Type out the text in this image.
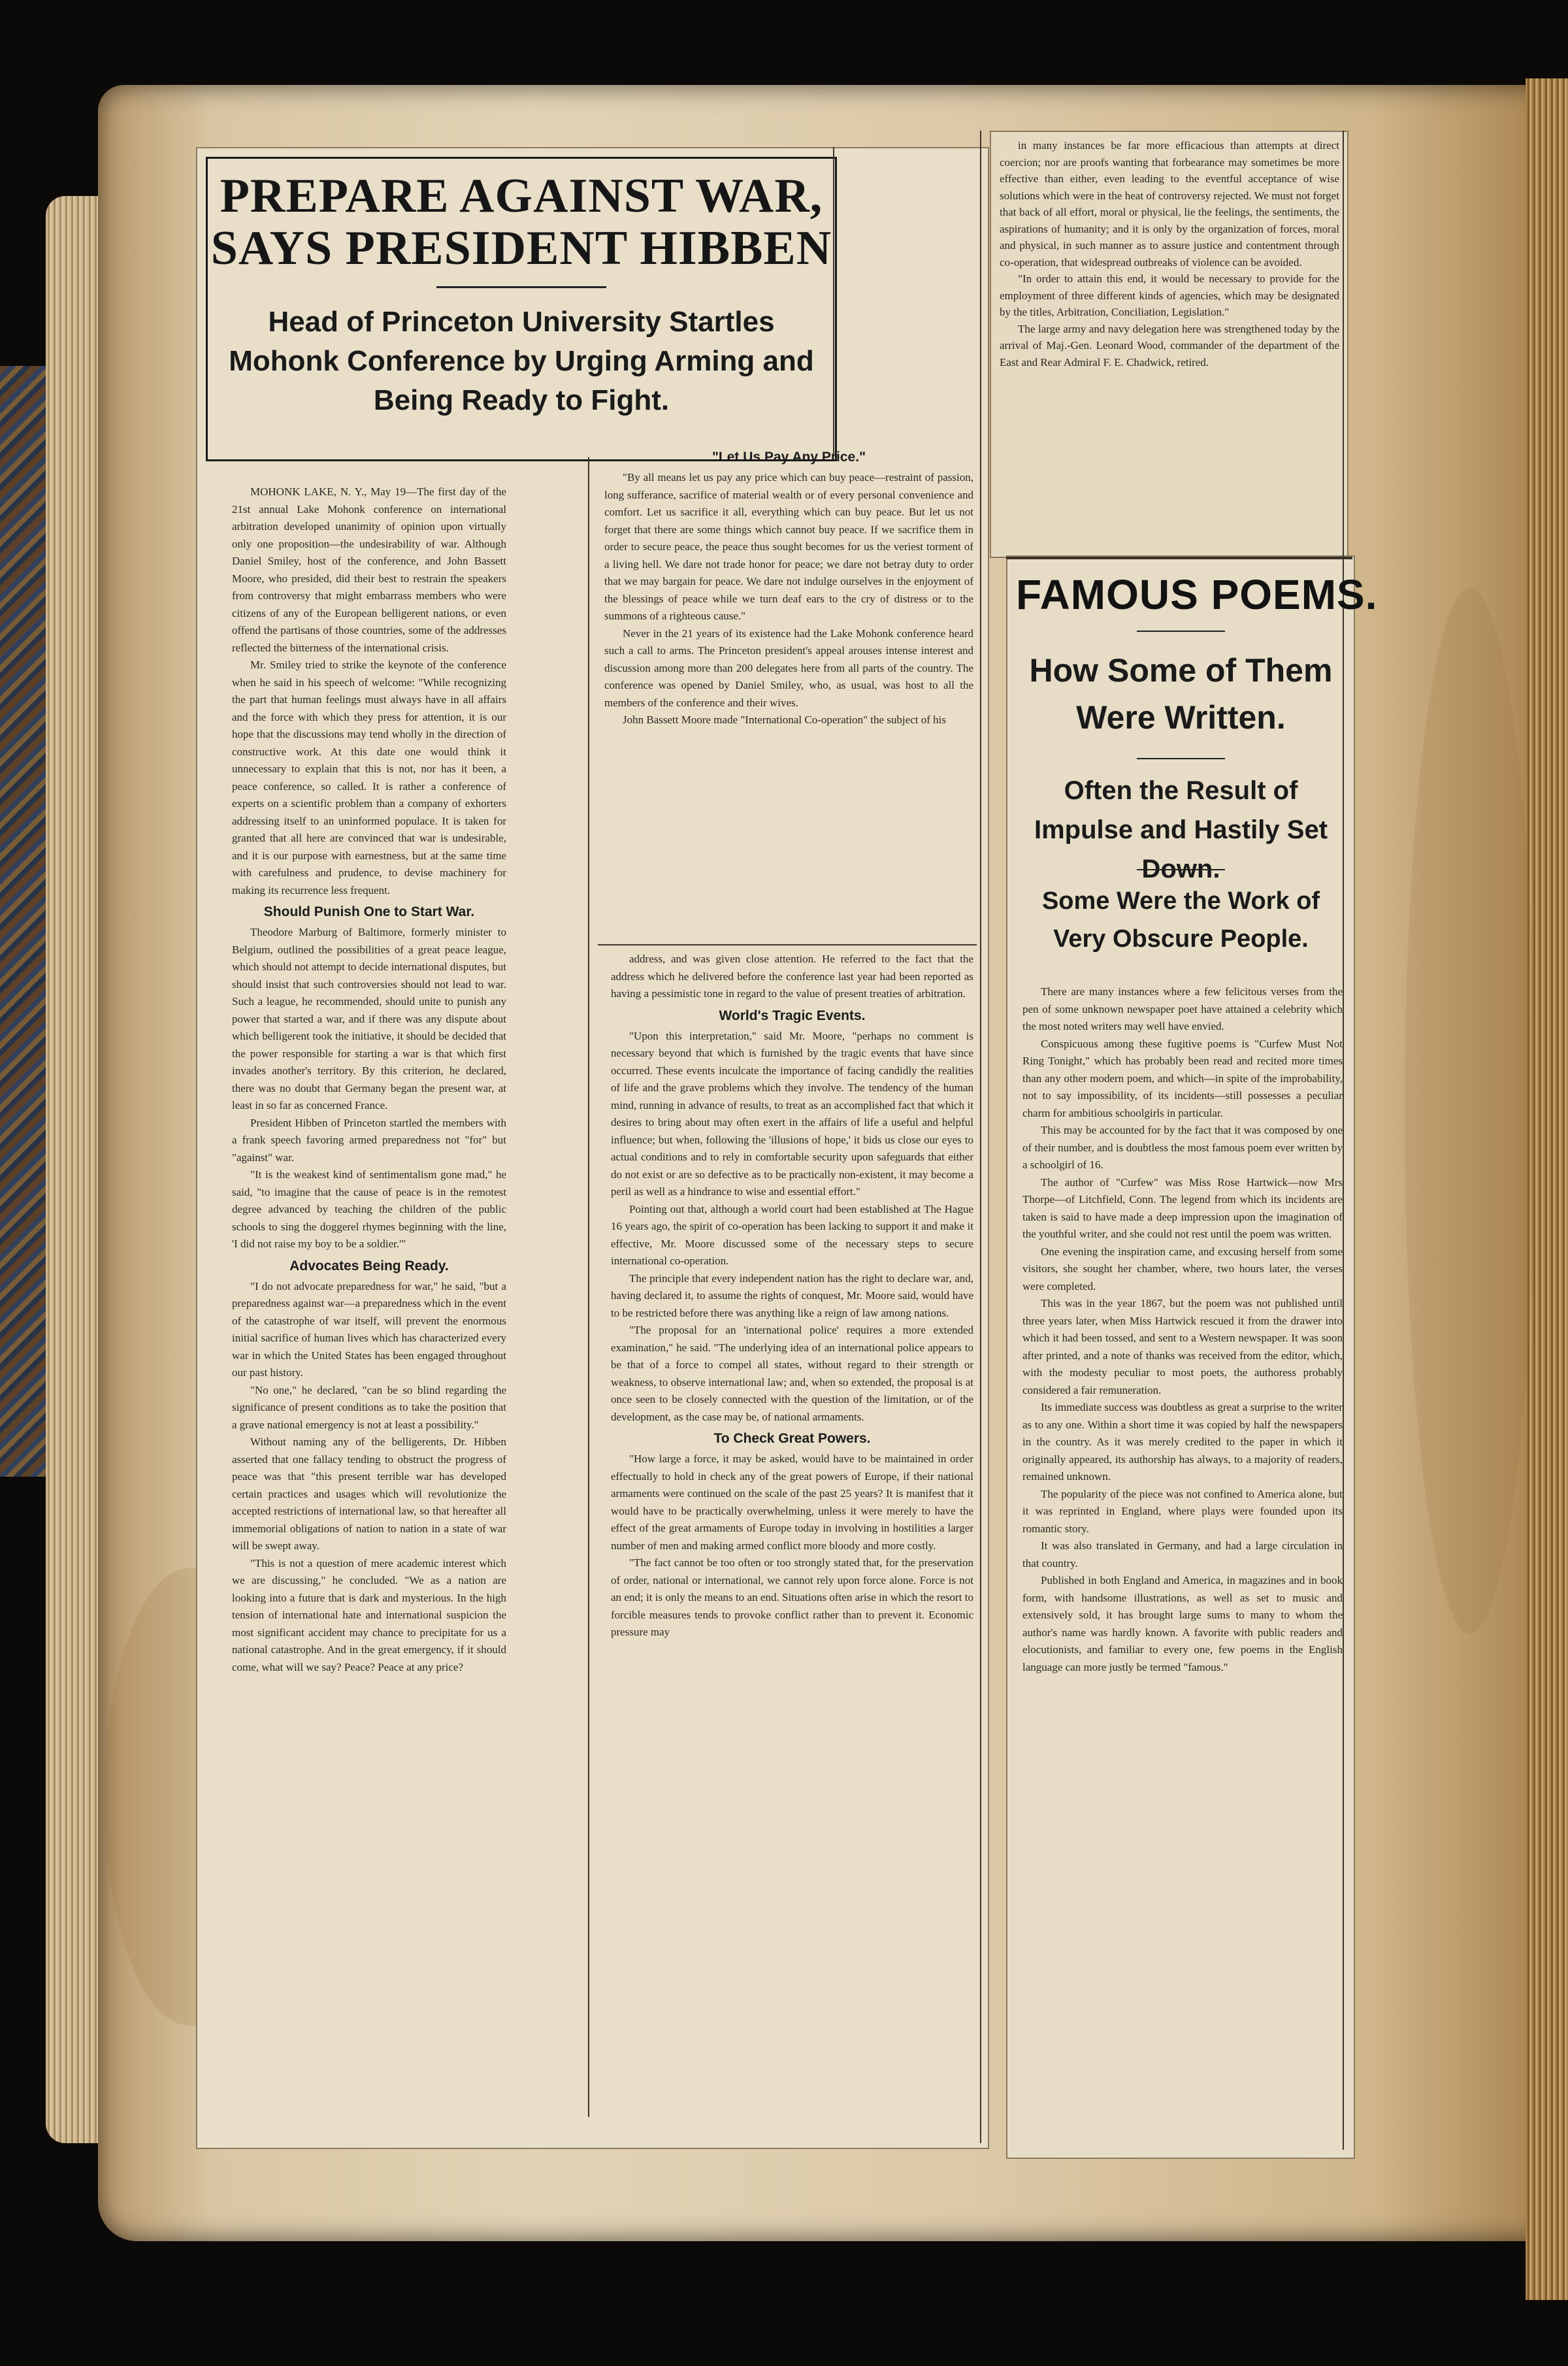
PREPARE AGAINST WAR,
SAYS PRESIDENT HIBBEN
Head of Princeton University Startles Mohonk Conference by Urging Arming and Being Ready to Fight.

MOHONK LAKE, N. Y., May 19—The first day of the 21st annual Lake Mohonk conference on international arbitration developed unanimity of opinion upon virtually only one proposition—the undesirability of war. Although Daniel Smiley, host of the conference, and John Bassett Moore, who presided, did their best to restrain the speakers from controversy that might embarrass members who were citizens of any of the European belligerent nations, or even offend the partisans of those countries, some of the addresses reflected the bitterness of the international crisis.

Mr. Smiley tried to strike the keynote of the conference when he said in his speech of welcome: "While recognizing the part that human feelings must always have in all affairs and the force with which they press for attention, it is our hope that the discussions may tend wholly in the direction of constructive work. At this date one would think it unnecessary to explain that this is not, nor has it been, a peace conference, so called. It is rather a conference of experts on a scientific problem than a company of exhorters addressing itself to an uninformed populace. It is taken for granted that all here are convinced that war is undesirable, and it is our purpose with earnestness, but at the same time with carefulness and prudence, to devise machinery for making its recurrence less frequent.

Should Punish One to Start War.

Theodore Marburg of Baltimore, formerly minister to Belgium, outlined the possibilities of a great peace league, which should not attempt to decide international disputes, but should insist that such controversies should not lead to war. Such a league, he recommended, should unite to punish any power that started a war, and if there was any dispute about which belligerent took the initiative, it should be decided that the power responsible for starting a war is that which first invades another's territory. By this criterion, he declared, there was no doubt that Germany began the present war, at least in so far as concerned France.

President Hibben of Princeton startled the members with a frank speech favoring armed preparedness not "for" but "against" war.

"It is the weakest kind of sentimentalism gone mad," he said, "to imagine that the cause of peace is in the remotest degree advanced by teaching the children of the public schools to sing the doggerel rhymes beginning with the line, 'I did not raise my boy to be a soldier.'"

Advocates Being Ready.

"I do not advocate preparedness for war," he said, "but a preparedness against war—a preparedness which in the event of the catastrophe of war itself, will prevent the enormous initial sacrifice of human lives which has characterized every war in which the United States has been engaged throughout our past history.

"No one," he declared, "can be so blind regarding the significance of present conditions as to take the position that a grave national emergency is not at least a possibility."

Without naming any of the belligerents, Dr. Hibben asserted that one fallacy tending to obstruct the progress of peace was that "this present terrible war has developed certain practices and usages which will revolutionize the accepted restrictions of international law, so that hereafter all immemorial obligations of nation to nation in a state of war will be swept away.

"This is not a question of mere academic interest which we are discussing," he concluded. "We as a nation are looking into a future that is dark and mysterious. In the high tension of international hate and international suspicion the most significant accident may chance to precipitate for us a national catastrophe. And in the great emergency, if it should come, what will we say? Peace? Peace at any price?

"Let Us Pay Any Price."

"By all means let us pay any price which can buy peace—restraint of passion, long sufferance, sacrifice of material wealth or of every personal convenience and comfort. Let us sacrifice it all, everything which can buy peace. But let us not forget that there are some things which cannot buy peace. If we sacrifice them in order to secure peace, the peace thus sought becomes for us the veriest torment of a living hell. We dare not trade honor for peace; we dare not betray duty to order that we may bargain for peace. We dare not indulge ourselves in the enjoyment of the blessings of peace while we turn deaf ears to the cry of distress or to the summons of a righteous cause."

Never in the 21 years of its existence had the Lake Mohonk conference heard such a call to arms. The Princeton president's appeal arouses intense interest and discussion among more than 200 delegates here from all parts of the country. The conference was opened by Daniel Smiley, who, as usual, was host to all the members of the conference and their wives.

John Bassett Moore made "International Co-operation" the subject of his

address, and was given close attention. He referred to the fact that the address which he delivered before the conference last year had been reported as having a pessimistic tone in regard to the value of present treaties of arbitration.

World's Tragic Events.

"Upon this interpretation," said Mr. Moore, "perhaps no comment is necessary beyond that which is furnished by the tragic events that have since occurred. These events inculcate the importance of facing candidly the realities of life and the grave problems which they involve. The tendency of the human mind, running in advance of results, to treat as an accomplished fact that which it desires to bring about may often exert in the affairs of life a useful and helpful influence; but when, following the 'illusions of hope,' it bids us close our eyes to actual conditions and to rely in comfortable security upon safeguards that either do not exist or are so defective as to be practically non-existent, it may become a peril as well as a hindrance to wise and essential effort."

Pointing out that, although a world court had been established at The Hague 16 years ago, the spirit of co-operation has been lacking to support it and make it effective, Mr. Moore discussed some of the necessary steps to secure international co-operation.

The principle that every independent nation has the right to declare war, and, having declared it, to assume the rights of conquest, Mr. Moore said, would have to be restricted before there was anything like a reign of law among nations.

"The proposal for an 'international police' requires a more extended examination," he said. "The underlying idea of an international police appears to be that of a force to compel all states, without regard to their strength or weakness, to observe international law; and, when so extended, the proposal is at once seen to be closely connected with the question of the limitation, or of the development, as the case may be, of national armaments.

To Check Great Powers.

"How large a force, it may be asked, would have to be maintained in order effectually to hold in check any of the great powers of Europe, if their national armaments were continued on the scale of the past 25 years? It is manifest that it would have to be practically overwhelming, unless it were merely to have the effect of the great armaments of Europe today in involving in hostilities a larger number of men and making armed conflict more bloody and more costly.

"The fact cannot be too often or too strongly stated that, for the preservation of order, national or international, we cannot rely upon force alone. Force is not an end; it is only the means to an end. Situations often arise in which the resort to forcible measures tends to provoke conflict rather than to prevent it. Economic pressure may

in many instances be far more efficacious than attempts at direct coercion; nor are proofs wanting that forbearance may sometimes be more effective than either, even leading to the eventful acceptance of wise solutions which were in the heat of controversy rejected. We must not forget that back of all effort, moral or physical, lie the feelings, the sentiments, the aspirations of humanity; and it is only by the organization of forces, moral and physical, in such manner as to assure justice and contentment through co-operation, that widespread outbreaks of violence can be avoided.

"In order to attain this end, it would be necessary to provide for the employment of three different kinds of agencies, which may be designated by the titles, Arbitration, Conciliation, Legislation."

The large army and navy delegation here was strengthened today by the arrival of Maj.-Gen. Leonard Wood, commander of the department of the East and Rear Admiral F. E. Chadwick, retired.

FAMOUS POEMS.
How Some of Them Were Written.
Often the Result of Impulse and Hastily Set Down.
Some Were the Work of Very Obscure People.

There are many instances where a few felicitous verses from the pen of some unknown newspaper poet have attained a celebrity which the most noted writers may well have envied.

Conspicuous among these fugitive poems is "Curfew Must Not Ring Tonight," which has probably been read and recited more times than any other modern poem, and which—in spite of the improbability, not to say impossibility, of its incidents—still possesses a peculiar charm for ambitious schoolgirls in particular.

This may be accounted for by the fact that it was composed by one of their number, and is doubtless the most famous poem ever written by a schoolgirl of 16.

The author of "Curfew" was Miss Rose Hartwick—now Mrs Thorpe—of Litchfield, Conn. The legend from which its incidents are taken is said to have made a deep impression upon the imagination of the youthful writer, and she could not rest until the poem was written.

One evening the inspiration came, and excusing herself from some visitors, she sought her chamber, where, two hours later, the verses were completed.

This was in the year 1867, but the poem was not published until three years later, when Miss Hartwick rescued it from the drawer into which it had been tossed, and sent to a Western newspaper. It was soon after printed, and a note of thanks was received from the editor, which, with the modesty peculiar to most poets, the authoress probably considered a fair remuneration.

Its immediate success was doubtless as great a surprise to the writer as to any one. Within a short time it was copied by half the newspapers in the country. As it was merely credited to the paper in which it originally appeared, its authorship has always, to a majority of readers, remained unknown.

The popularity of the piece was not confined to America alone, but it was reprinted in England, where plays were founded upon its romantic story.

It was also translated in Germany, and had a large circulation in that country.

Published in both England and America, in magazines and in book form, with handsome illustrations, as well as set to music and extensively sold, it has brought large sums to many to whom the author's name was hardly known. A favorite with public readers and elocutionists, and familiar to every one, few poems in the English language can more justly be termed "famous."
